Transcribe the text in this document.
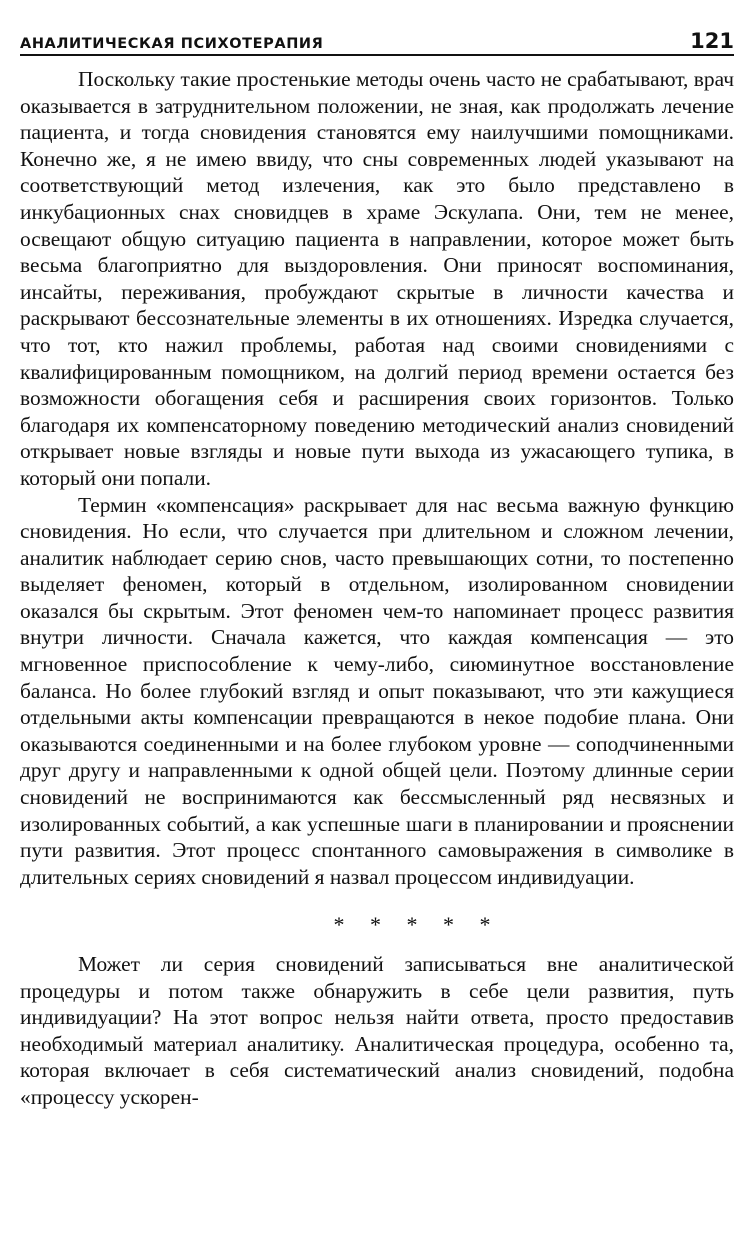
АНАЛИТИЧЕСКАЯ ПСИХОТЕРАПИЯ	121

Поскольку такие простенькие методы очень часто не срабатывают, врач оказывается в затруднительном положении, не зная, как продолжать лечение пациента, и тогда сновидения становятся ему наилучшими помощниками. Конечно же, я не имею ввиду, что сны современных людей указывают на соответствующий метод излечения, как это было представлено в инкубационных снах сновидцев в храме Эскулапа. Они, тем не менее, освещают общую ситуацию пациента в направлении, которое может быть весьма благоприятно для выздоровления. Они приносят воспоминания, инсайты, переживания, пробуждают скрытые в личности качества и раскрывают бессознательные элементы в их отношениях. Изредка случается, что тот, кто нажил проблемы, работая над своими сновидениями с квалифицированным помощником, на долгий период времени остается без возможности обогащения себя и расширения своих горизонтов. Только благодаря их компенсаторному поведению методический анализ сновидений открывает новые взгляды и новые пути выхода из ужасающего тупика, в который они попали.

Термин «компенсация» раскрывает для нас весьма важную функцию сновидения. Но если, что случается при длительном и сложном лечении, аналитик наблюдает серию снов, часто превышающих сотни, то постепенно выделяет феномен, который в отдельном, изолированном сновидении оказался бы скрытым. Этот феномен чем-то напоминает процесс развития внутри личности. Сначала кажется, что каждая компенсация — это мгновенное приспособление к чему-либо, сиюминутное восстановление баланса. Но более глубокий взгляд и опыт показывают, что эти кажущиеся отдельными акты компенсации превращаются в некое подобие плана. Они оказываются соединенными и на более глубоком уровне — соподчиненными друг другу и направленными к одной общей цели. Поэтому длинные серии сновидений не воспринимаются как бессмысленный ряд несвязных и изолированных событий, а как успешные шаги в планировании и прояснении пути развития. Этот процесс спонтанного самовыражения в символике в длительных сериях сновидений я назвал процессом индивидуации.

* * * * *

Может ли серия сновидений записываться вне аналитической процедуры и потом также обнаружить в себе цели развития, путь индивидуации? На этот вопрос нельзя найти ответа, просто предоставив необходимый материал аналитику. Аналитическая процедура, особенно та, которая включает в себя систематический анализ сновидений, подобна «процессу ускорен-
